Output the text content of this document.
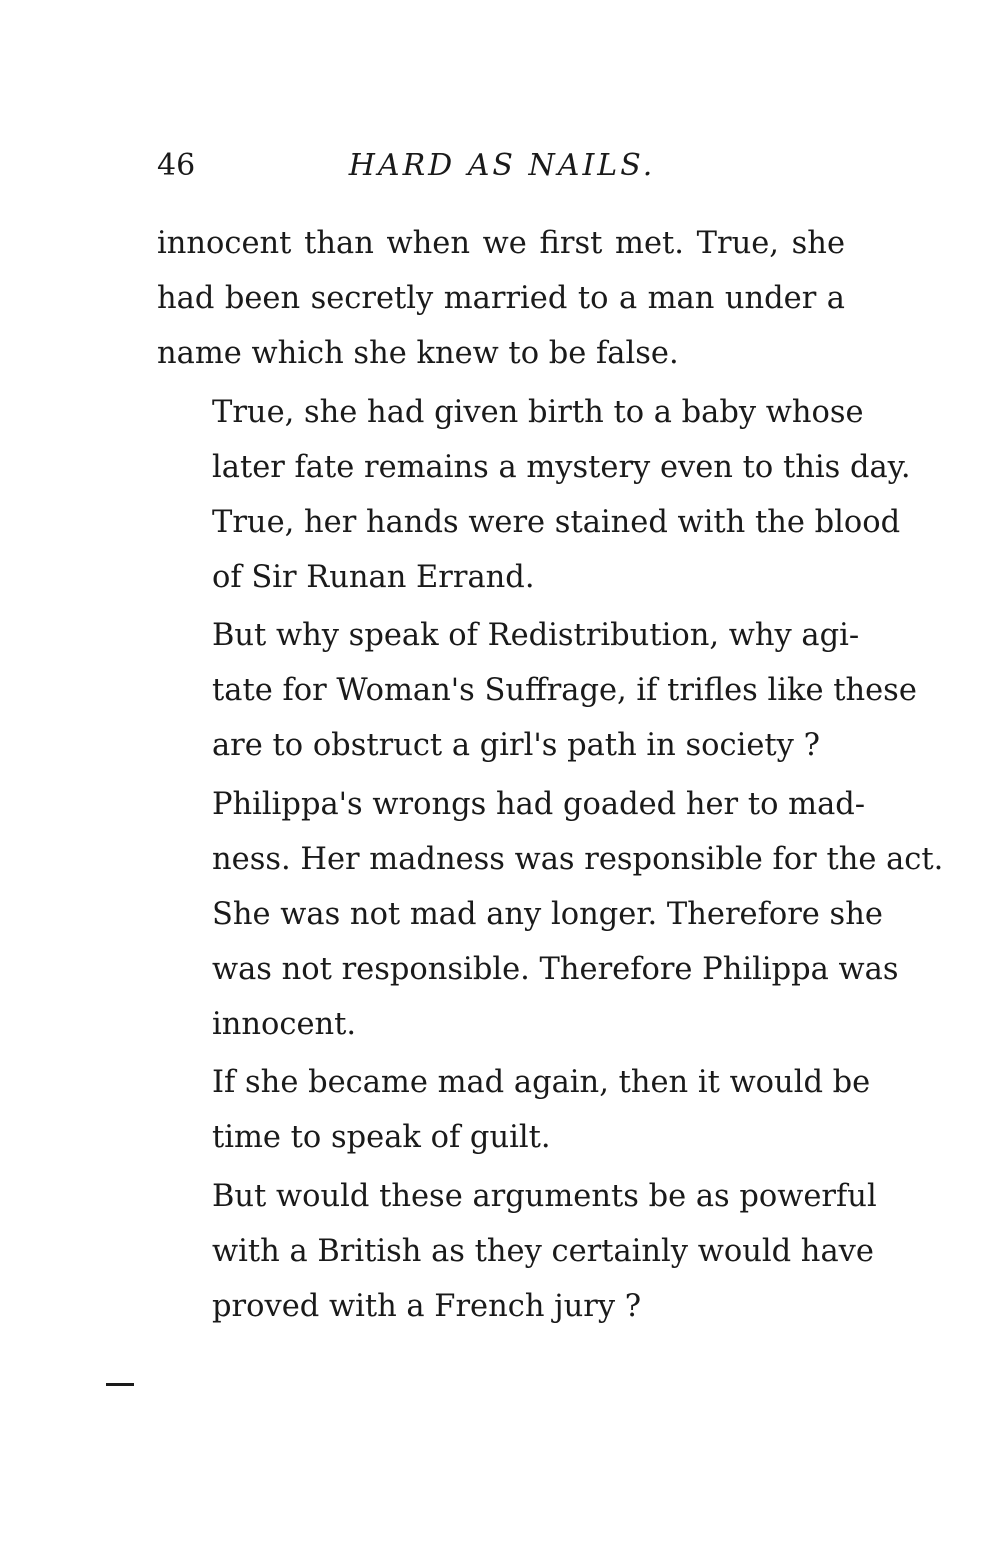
46	HARD AS NAILS.
innocent than when we first met. True, she
had been secretly married to a man under a
name which she knew to be false.
True, she had given birth to a baby whose
later fate remains a mystery even to this day.
True, her hands were stained with the blood
of Sir Runan Errand.
But why speak of Redistribution, why agi-
tate for Woman's Suffrage, if trifles like these
are to obstruct a girl's path in society ?
Philippa's wrongs had goaded her to mad-
ness. Her madness was responsible for the act.
She was not mad any longer. Therefore she
was not responsible. Therefore Philippa was
innocent.
If she became mad again, then it would be
time to speak of guilt.
But would these arguments be as powerful
with a British as they certainly would have
proved with a French jury ?
